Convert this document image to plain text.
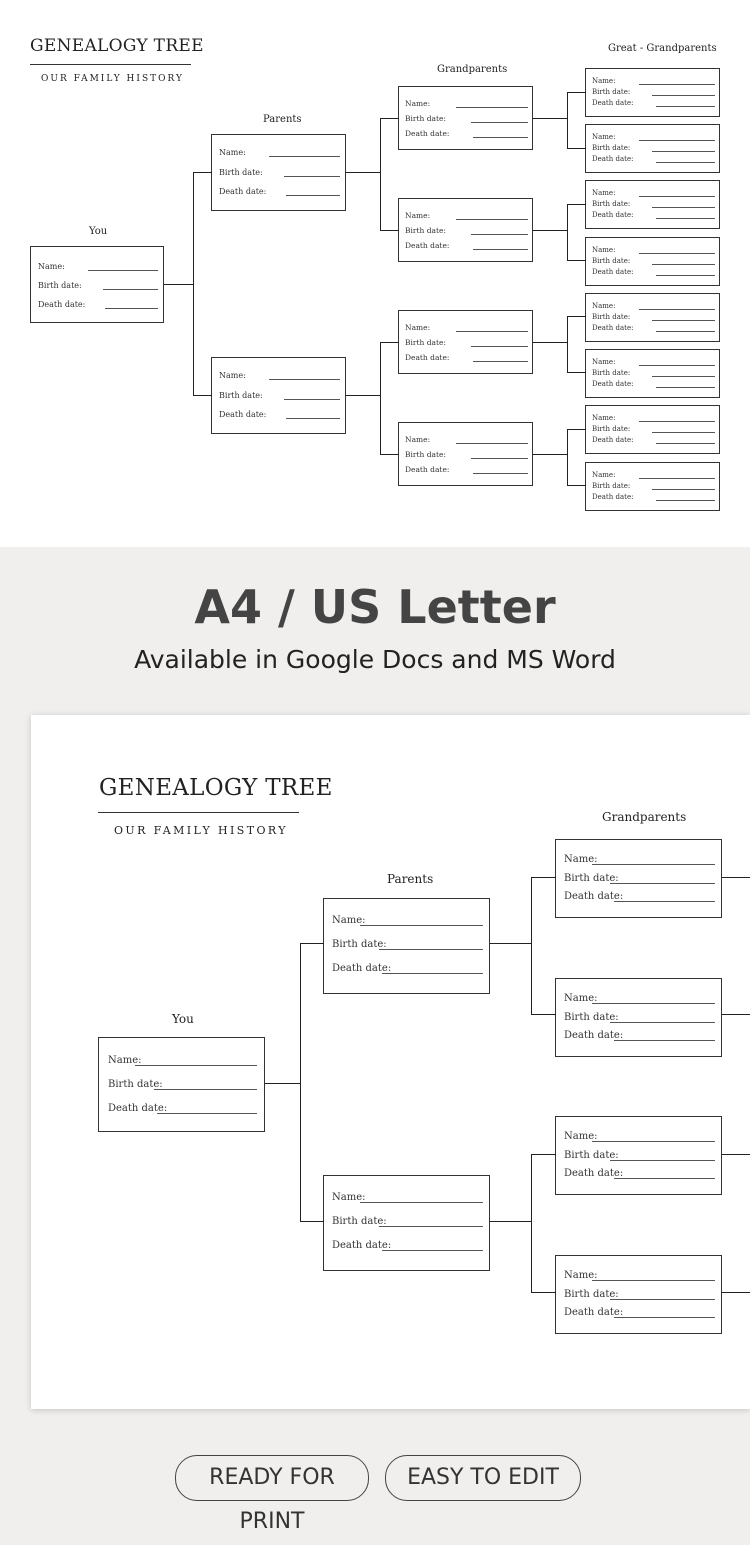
GENEALOGY TREE
OUR FAMILY HISTORY
You
Parents
Grandparents
Great - Grandparents
Name:
Birth date:
Death date:
Name:
Birth date:
Death date:
Name:
Birth date:
Death date:
Name:
Birth date:
Death date:
Name:
Birth date:
Death date:
Name:
Birth date:
Death date:
Name:
Birth date:
Death date:
Name:
Birth date:
Death date:
Name:
Birth date:
Death date:
Name:
Birth date:
Death date:
Name:
Birth date:
Death date:
Name:
Birth date:
Death date:
Name:
Birth date:
Death date:
Name:
Birth date:
Death date:
Name:
Birth date:
Death date:
A4 / US Letter
Available in Google Docs and MS Word
GENEALOGY TREE
OUR FAMILY HISTORY
You
Parents
Grandparents
Name:
Birth date:
Death date:
Name:
Birth date:
Death date:
Name:
Birth date:
Death date:
Name:
Birth date:
Death date:
Name:
Birth date:
Death date:
Name:
Birth date:
Death date:
Name:
Birth date:
Death date:
READY FOR PRINT
EASY TO EDIT
